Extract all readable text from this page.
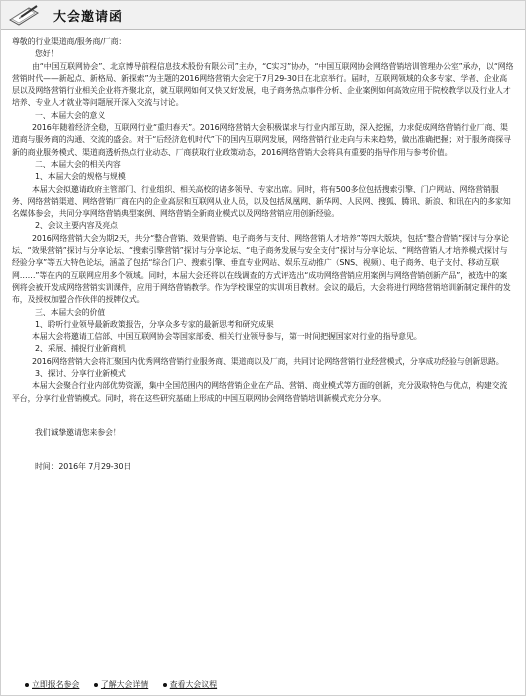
大会邀请函

尊敬的行业渠道商/服务商/厂商：

您好！

由“中国互联网协会”、北京博导前程信息技术股份有限公司”主办，“C实习”协办，“中国互联网协会网络营销培训管理办公室”承办，以“网络营销时代——新起点、新格局、新探索”为主题的2016网络营销大会定于7月29-30日在北京举行。届时，互联网领域的众多专家、学者、企业高层以及网络营销行业相关企业将齐聚北京，就互联网如何又快又好发展，电子商务热点事件分析、企业案例如何高效应用于院校教学以及行业人才培养、专业人才就业等问题展开深入交流与讨论。

一、本届大会的意义

2016年随着经济全稳，互联网行业“重归春天”。2016网络营销大会积极谋求与行业内部互助，深入挖掘，力求促成网络营销行业厂商、渠道商与服务商的沟通、交流的盛会。对于“后经济危机时代”下的国内互联网发展，网络营销行业走向与未来趋势，做出准确把握；对于服务商探寻新的商业服务模式、渠道商透析热点行业动态、厂商获取行业政策动态，2016网络营销大会将具有重要的指导作用与参考价值。

二、本届大会的相关内容

1、本届大会的规格与规模

本届大会拟邀请政府主管部门、行业组织、相关高校的诸多领导、专家出席。同时，将有500多位包括搜索引擎、门户网站、网络营销服务、网络营销渠道、网络营销厂商在内的企业高层和互联网从业人员，以及包括凤凰网、新华网、人民网、搜狐、腾讯、新浪、和讯在内的多家知名媒体参会，共同分享网络营销典型案例、网络营销全新商业模式以及网络营销应用创新经验。

2、会议主要内容及亮点

2016网络营销大会为期2天，共分“整合营销、效果营销、电子商务与支付、网络营销人才培养”等四大版块，包括“整合营销”探讨与分享论坛、“效果营销”探讨与分享论坛、“搜索引擎营销”探讨与分享论坛、“电子商务发展与安全支付”探讨与分享论坛、“网络营销人才培养模式探讨与经验分享”等五大特色论坛，涵盖了包括“综合门户、搜索引擎、垂直专业网站、娱乐互动推广（SNS、视频）、电子商务、电子支付、移动互联网……”等在内的互联网应用多个领域。同时，本届大会还将以在线调查的方式评选出“成功网络营销应用案例与网络营销创新产品”，被选中的案例将会被开发成网络营销实训课件，应用于网络营销教学。作为学校课堂的实训项目教材。会议的最后，大会将进行网络营销培训新制定课件的发布，及授权加盟合作伙伴的授牌仪式。

三、本届大会的价值

1、聆听行业领导最新政策报告，分享众多专家的最新思考和研究成果

本届大会将邀请工信部、中国互联网协会等国家部委、相关行业领导参与，第一时间把握国家对行业的指导意见。

2、采展、捕捉行业新商机

2016网络营销大会将汇聚国内优秀网络营销行业服务商、渠道商以及厂商，共同讨论网络营销行业经营模式，分享成功经验与创新思路。

3、探讨、分享行业新模式

本届大会聚合行业内部优势资源，集中全国范围内的网络营销企业在产品、营销、商业模式等方面的创新，充分汲取特色与优点，构建交流平台，分享行业营销模式。同时，将在这些研究基础上形成的中国互联网协会网络营销培训新模式充分分享。

我们诚挚邀请您来参会！

时间：2016年 7月29-30日

立即报名参会	了解大会详情	查看大会议程
